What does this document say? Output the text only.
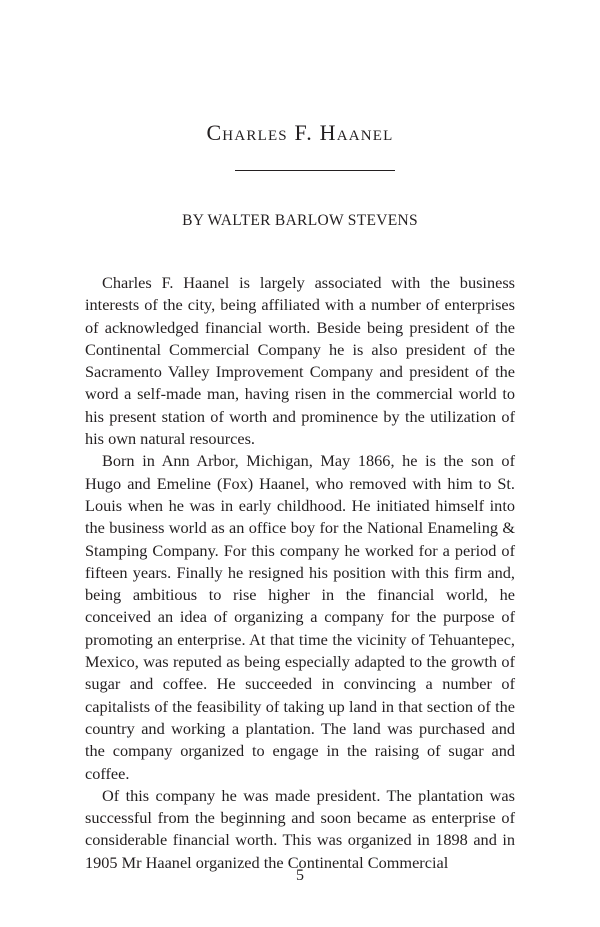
Charles F. Haanel
BY WALTER BARLOW STEVENS

Charles F. Haanel is largely associated with the business interests of the city, being affiliated with a number of enterprises of acknowledged financial worth. Beside being president of the Continental Commercial Company he is also president of the Sacramento Valley Improvement Company and president of the word a self-made man, having risen in the commercial world to his present station of worth and prominence by the utilization of his own natural resources.

Born in Ann Arbor, Michigan, May 1866, he is the son of Hugo and Emeline (Fox) Haanel, who removed with him to St. Louis when he was in early childhood. He initiated himself into the business world as an office boy for the National Enameling & Stamping Company. For this company he worked for a period of fifteen years. Finally he resigned his position with this firm and, being ambitious to rise higher in the financial world, he conceived an idea of organizing a company for the purpose of promoting an enterprise. At that time the vicinity of Tehuantepec, Mexico, was reputed as being especially adapted to the growth of sugar and coffee. He succeeded in convincing a number of capitalists of the feasibility of taking up land in that section of the country and working a plantation. The land was purchased and the company organized to engage in the raising of sugar and coffee.

Of this company he was made president. The plantation was successful from the beginning and soon became as enterprise of considerable financial worth. This was organized in 1898 and in 1905 Mr Haanel organized the Continental Commercial

5
